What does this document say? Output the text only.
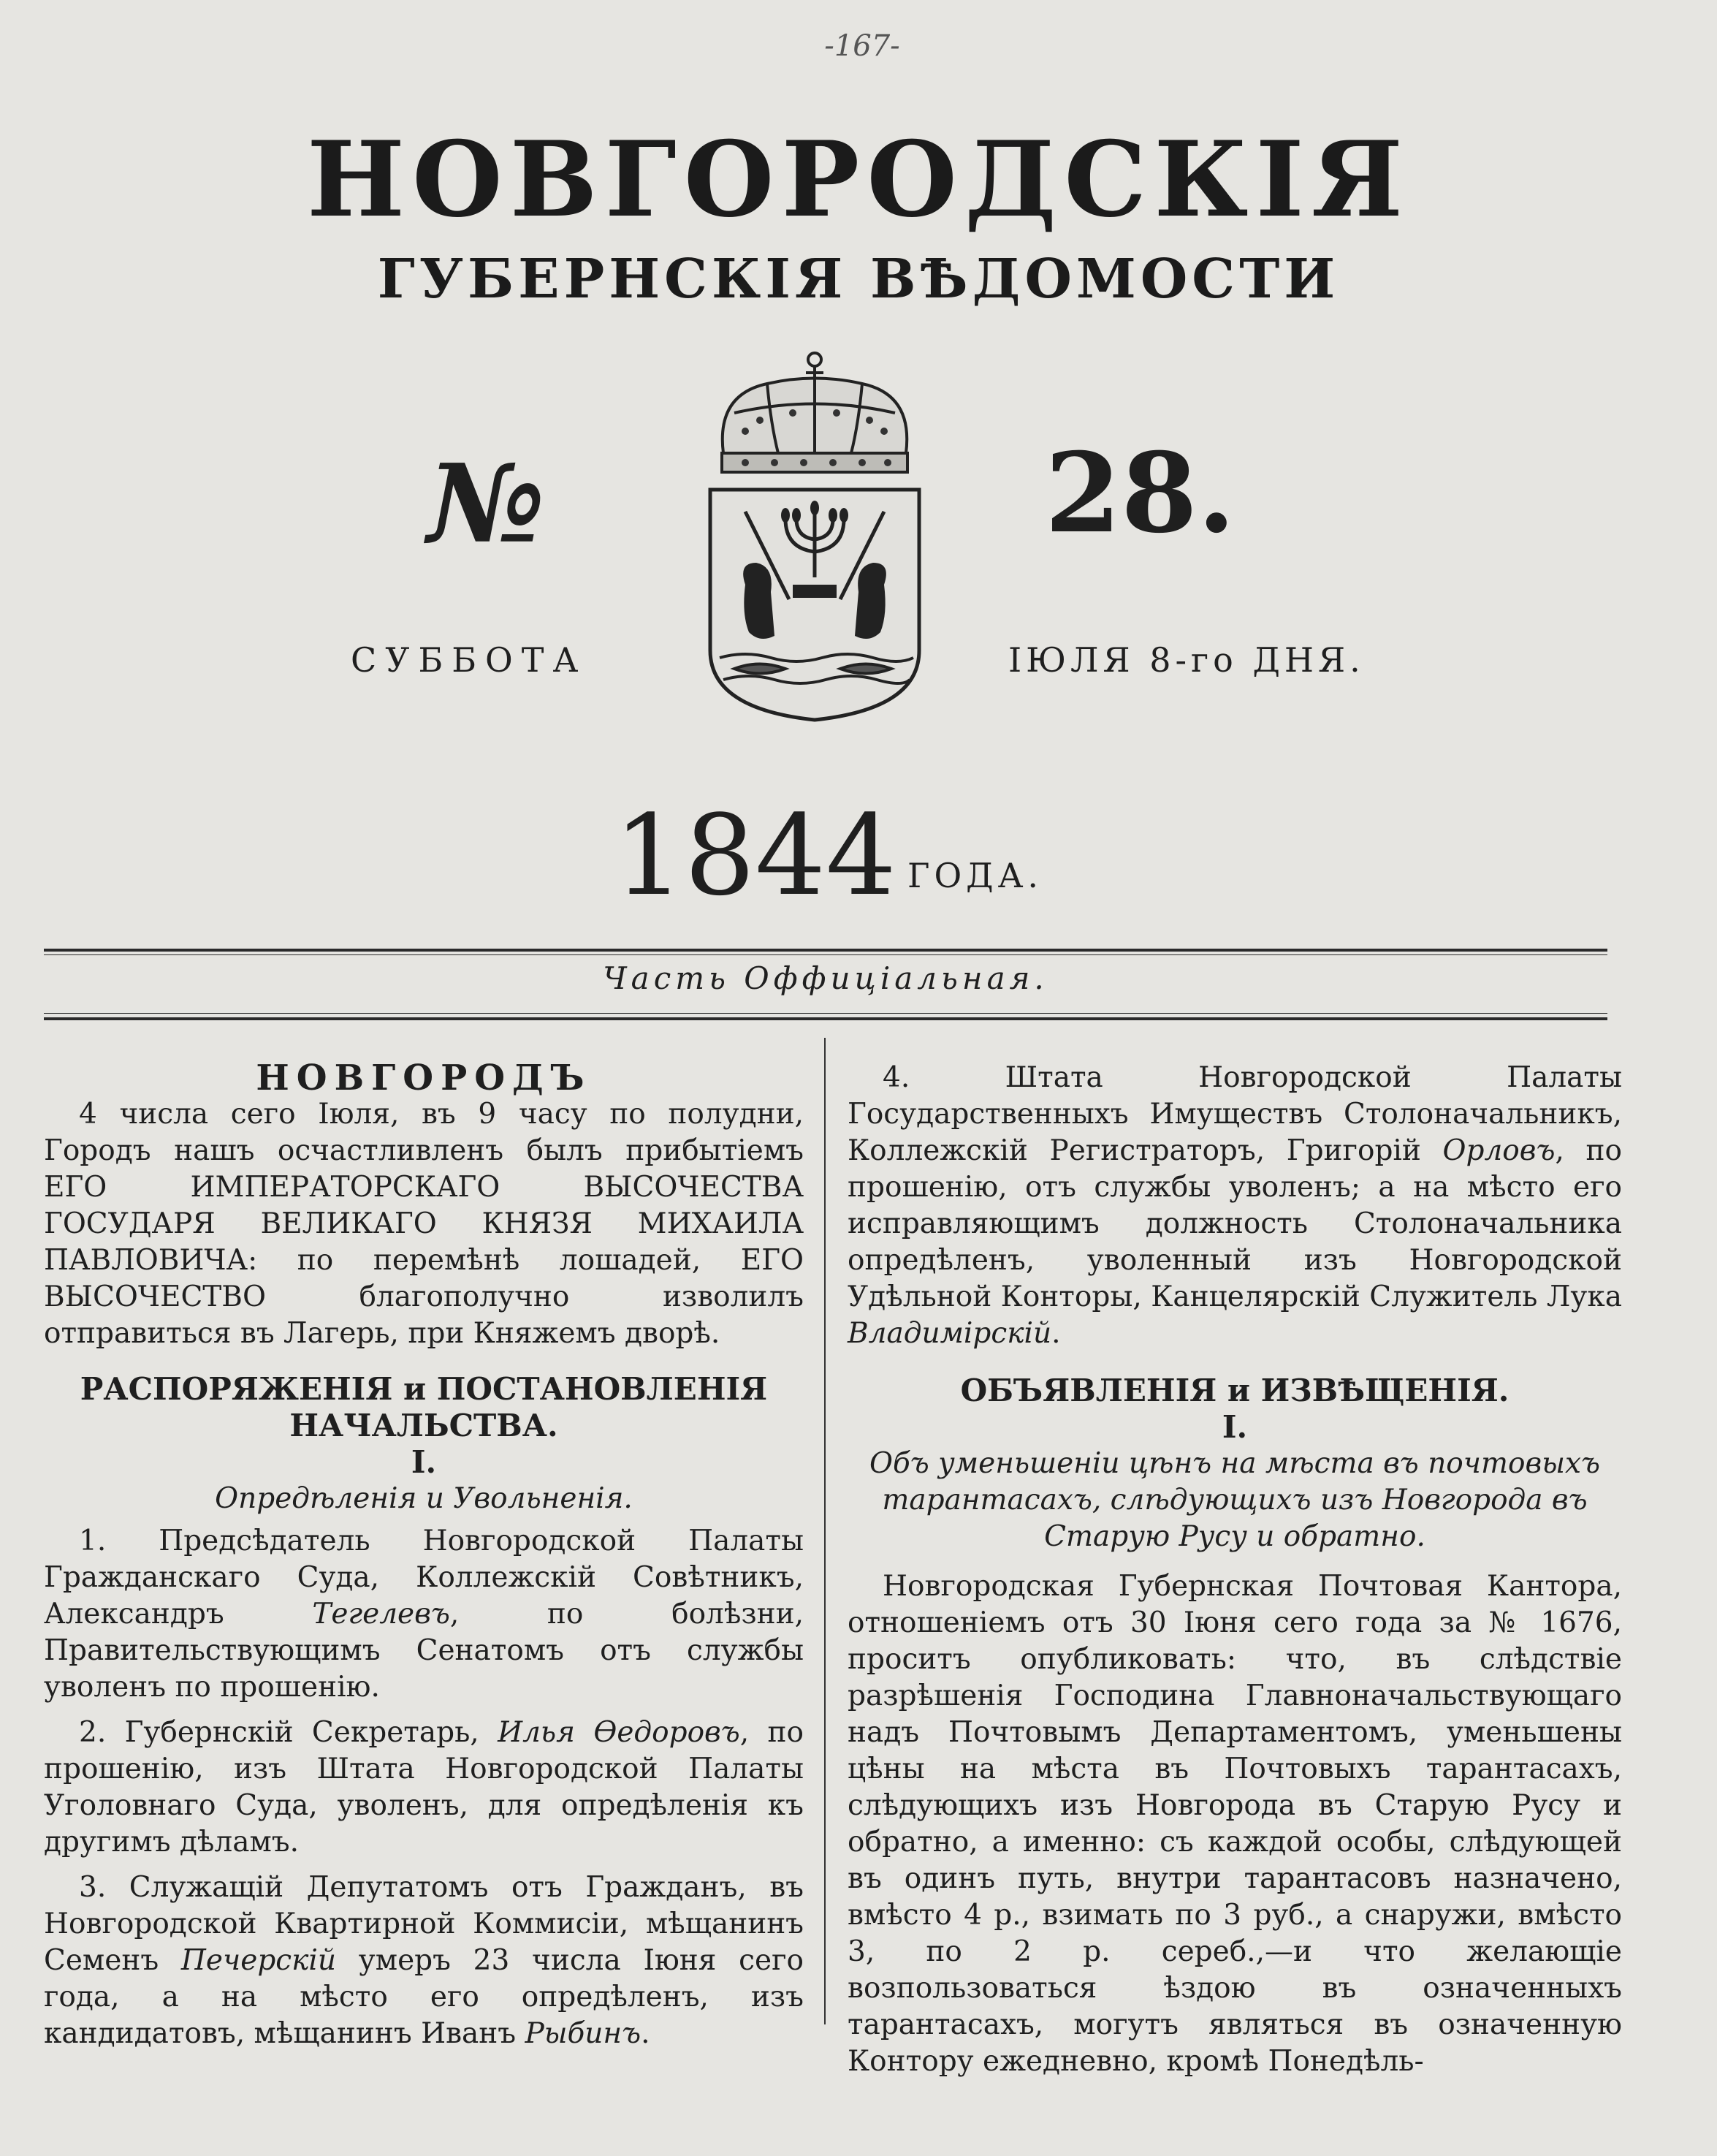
-167-
НОВГОРОДСКІЯ
ГУБЕРНСКІЯ ВѢДОМОСТИ
№	28.
СУББОТА	ІЮЛЯ 8-го ДНЯ.
1844 ГОДА.
Часть Оффиціальная.

НОВГОРОДЪ

4 числа сего Іюля, въ 9 часу по полудни, Городъ нашъ осчастливленъ былъ прибытіемъ ЕГО ИМПЕРАТОРСКАГО ВЫСОЧЕСТВА ГОСУДАРЯ ВЕЛИКАГО КНЯЗЯ МИХАИЛА ПАВЛОВИЧА: по перемѣнѣ лошадей, ЕГО ВЫСОЧЕСТВО благополучно изволилъ отправиться въ Лагерь, при Княжемъ дворѣ.

РАСПОРЯЖЕНІЯ и ПОСТАНОВЛЕНІЯ
НАЧАЛЬСТВА.

I.

Опредѣленія и Увольненія.

1. Предсѣдатель Новгородской Палаты Гражданскаго Суда, Коллежскій Совѣтникъ, Александръ Тегелевъ, по болѣзни, Правительствующимъ Сенатомъ отъ службы уволенъ по прошенію.

2. Губернскій Секретарь, Илья Ѳедоровъ, по прошенію, изъ Штата Новгородской Палаты Уголовнаго Суда, уволенъ, для опредѣленія къ другимъ дѣламъ.

3. Служащій Депутатомъ отъ Гражданъ, въ Новгородской Квартирной Коммисіи, мѣщанинъ Семенъ Печерскій умеръ 23 числа Іюня сего года, а на мѣсто его опредѣленъ, изъ кандидатовъ, мѣщанинъ Иванъ Рыбинъ.

4. Штата Новгородской Палаты Государственныхъ Имуществъ Столоначальникъ, Коллежскій Регистраторъ, Григорій Орловъ, по прошенію, отъ службы уволенъ; а на мѣсто его исправляющимъ должность Столоначальника опредѣленъ, уволенный изъ Новгородской Удѣльной Конторы, Канцелярскій Служитель Лука Владимірскій.

ОБЪЯВЛЕНІЯ и ИЗВѢЩЕНІЯ.

I.

Объ уменьшеніи цѣнъ на мѣста въ почтовыхъ тарантасахъ, слѣдующихъ изъ Новгорода въ Старую Русу и обратно.

Новгородская Губернская Почтовая Кантора, отношеніемъ отъ 30 Іюня сего года за № 1676, проситъ опубликовать: что, въ слѣдствіе разрѣшенія Господина Главноначальствующаго надъ Почтовымъ Департаментомъ, уменьшены цѣны на мѣста въ Почтовыхъ тарантасахъ, слѣдующихъ изъ Новгорода въ Старую Русу и обратно, а именно: съ каждой особы, слѣдующей въ одинъ путь, внутри тарантасовъ назначено, вмѣсто 4 р., взимать по 3 руб., а снаружи, вмѣсто 3, по 2 р. сереб.,—и что желающіе возпользоваться ѣздою въ означенныхъ тарантасахъ, могутъ являться въ означенную Контору ежедневно, кромѣ Понедѣль-
